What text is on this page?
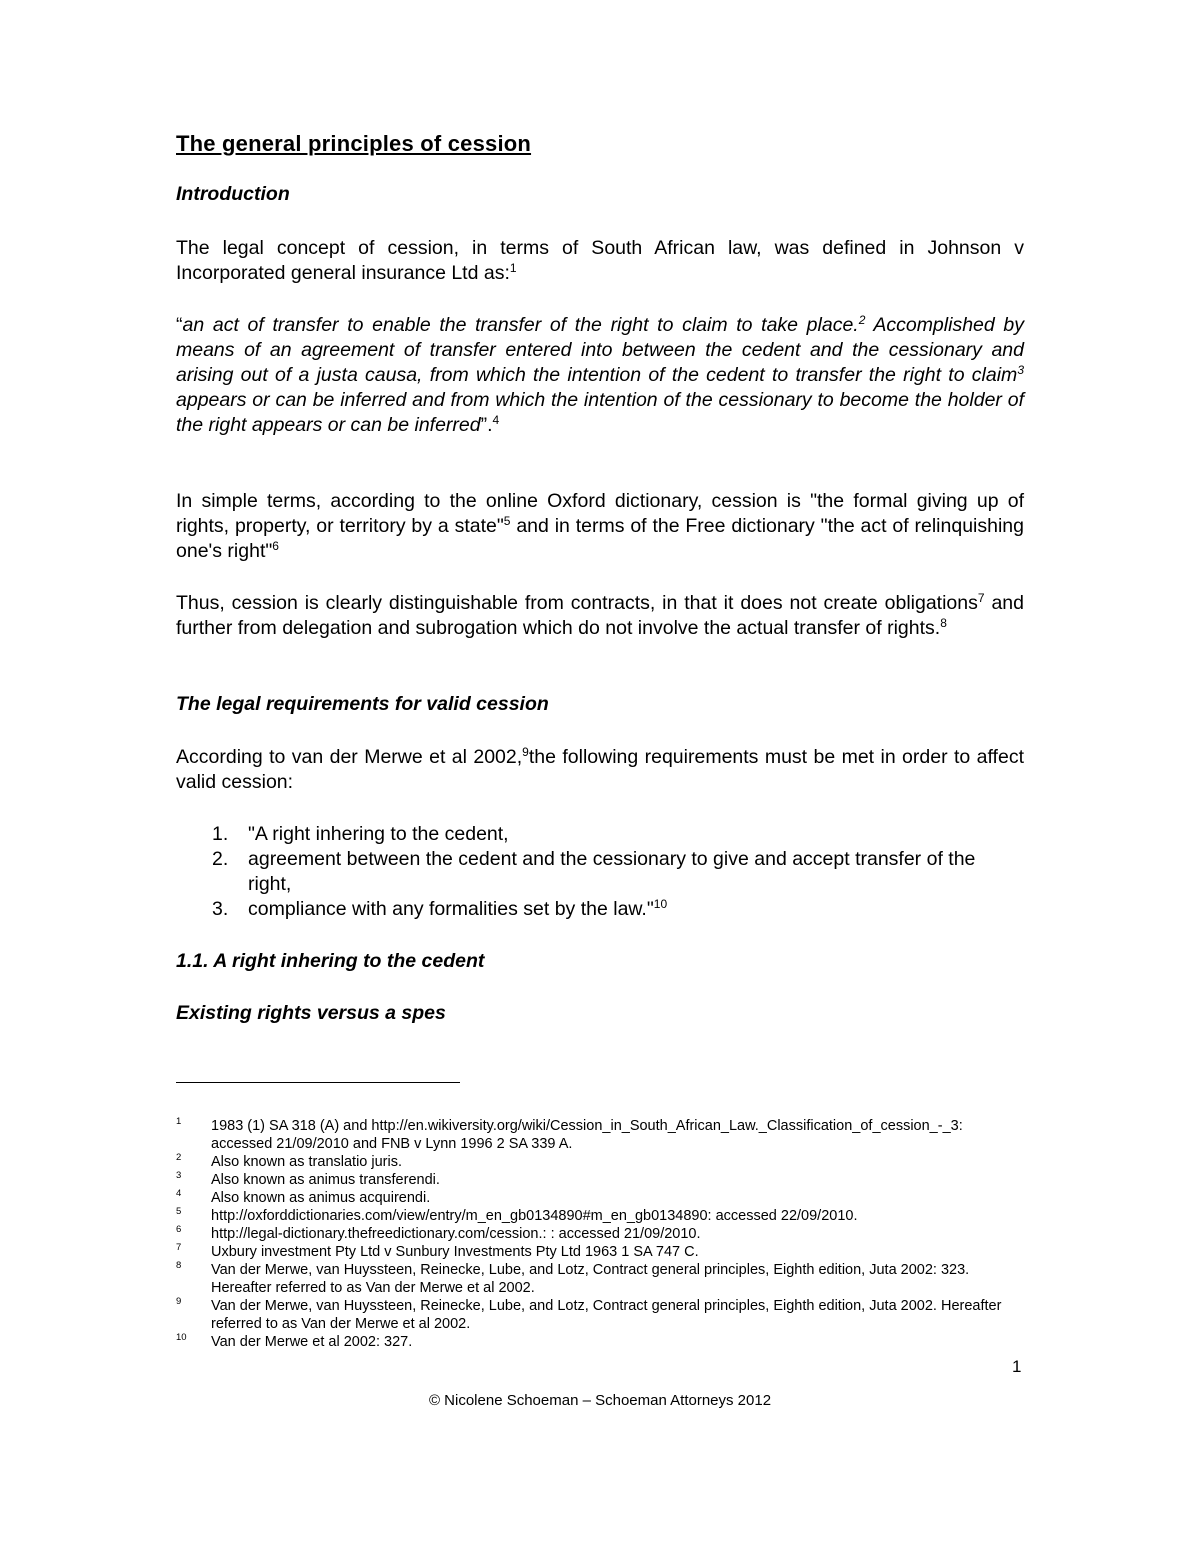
The general principles of cession
Introduction

The legal concept of cession, in terms of South African law, was defined in Johnson v Incorporated general insurance Ltd as:$^1$

“an act of transfer to enable the transfer of the right to claim to take place.$^2$ Accomplished by means of an agreement of transfer entered into between the cedent and the cessionary and arising out of a justa causa, from which the intention of the cedent to transfer the right to claim$^3$ appears or can be inferred and from which the intention of the cessionary to become the holder of the right appears or can be inferred”.$^4$

In simple terms, according to the online Oxford dictionary, cession is "the formal giving up of rights, property, or territory by a state"$^5$ and in terms of the Free dictionary "the act of relinquishing one's right"$^6$

Thus, cession is clearly distinguishable from contracts, in that it does not create obligations$^7$ and further from delegation and subrogation which do not involve the actual transfer of rights.$^8$

The legal requirements for valid cession

According to van der Merwe et al 2002,$^9$the following requirements must be met in order to affect valid cession:

1. "A right inhering to the cedent,
2. agreement between the cedent and the cessionary to give and accept transfer of the right,
3. compliance with any formalities set by the law."$^{10}$
1.1. A right inhering to the cedent
Existing rights versus a spes
1 1983 (1) SA 318 (A) and http://en.wikiversity.org/wiki/Cession_in_South_African_Law._Classification_of_cession_-_3: accessed 21/09/2010 and FNB v Lynn 1996 2 SA 339 A.
2 Also known as translatio juris.
3 Also known as animus transferendi.
4 Also known as animus acquirendi.
5 http://oxforddictionaries.com/view/entry/m_en_gb0134890#m_en_gb0134890: accessed 22/09/2010.
6 http://legal-dictionary.thefreedictionary.com/cession.: : accessed 21/09/2010.
7 Uxbury investment Pty Ltd v Sunbury Investments Pty Ltd 1963 1 SA 747 C.
8 Van der Merwe, van Huyssteen, Reinecke, Lube, and Lotz, Contract general principles, Eighth edition, Juta 2002: 323. Hereafter referred to as Van der Merwe et al 2002.
9 Van der Merwe, van Huyssteen, Reinecke, Lube, and Lotz, Contract general principles, Eighth edition, Juta 2002. Hereafter referred to as Van der Merwe et al 2002.
10 Van der Merwe et al 2002: 327.
1
© Nicolene Schoeman – Schoeman Attorneys 2012
